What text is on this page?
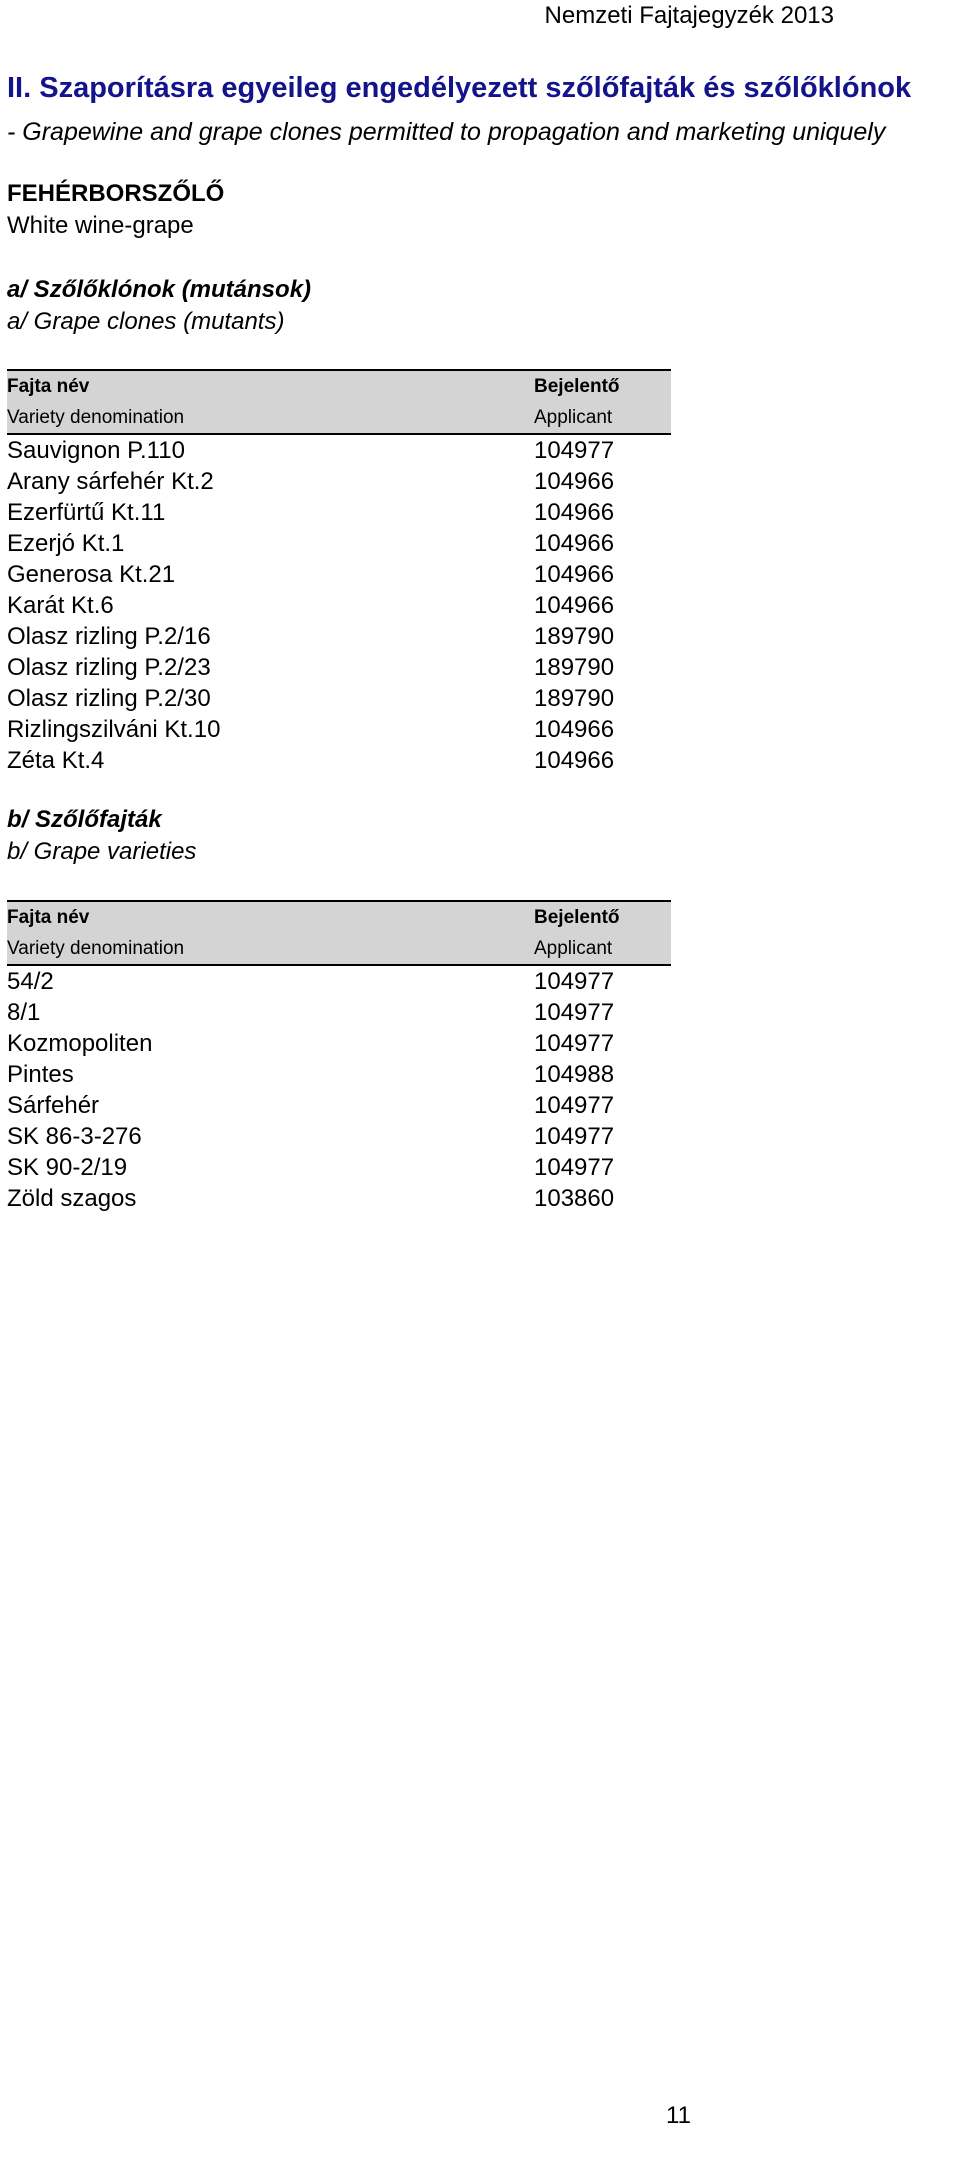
Nemzeti Fajtajegyzék 2013

II. Szaporításra egyeileg engedélyezett szőlőfajták és szőlőklónok

- Grapewine and grape clones permitted to propagation and marketing uniquely

FEHÉRBORSZŐLŐ

White wine-grape

a/ Szőlőklónok (mutánsok)

a/ Grape clones (mutants)

Fajta név
Variety denomination
Bejelentő
Applicant
Sauvignon P.110	104977
Arany sárfehér Kt.2	104966
Ezerfürtű Kt.11	104966
Ezerjó Kt.1	104966
Generosa Kt.21	104966
Karát Kt.6	104966
Olasz rizling P.2/16	189790
Olasz rizling P.2/23	189790
Olasz rizling P.2/30	189790
Rizlingszilváni Kt.10	104966
Zéta Kt.4	104966

b/ Szőlőfajták

b/ Grape varieties

Fajta név
Variety denomination
Bejelentő
Applicant
54/2	104977
8/1	104977
Kozmopoliten	104977
Pintes	104988
Sárfehér	104977
SK 86-3-276	104977
SK 90-2/19	104977
Zöld szagos	103860

11
